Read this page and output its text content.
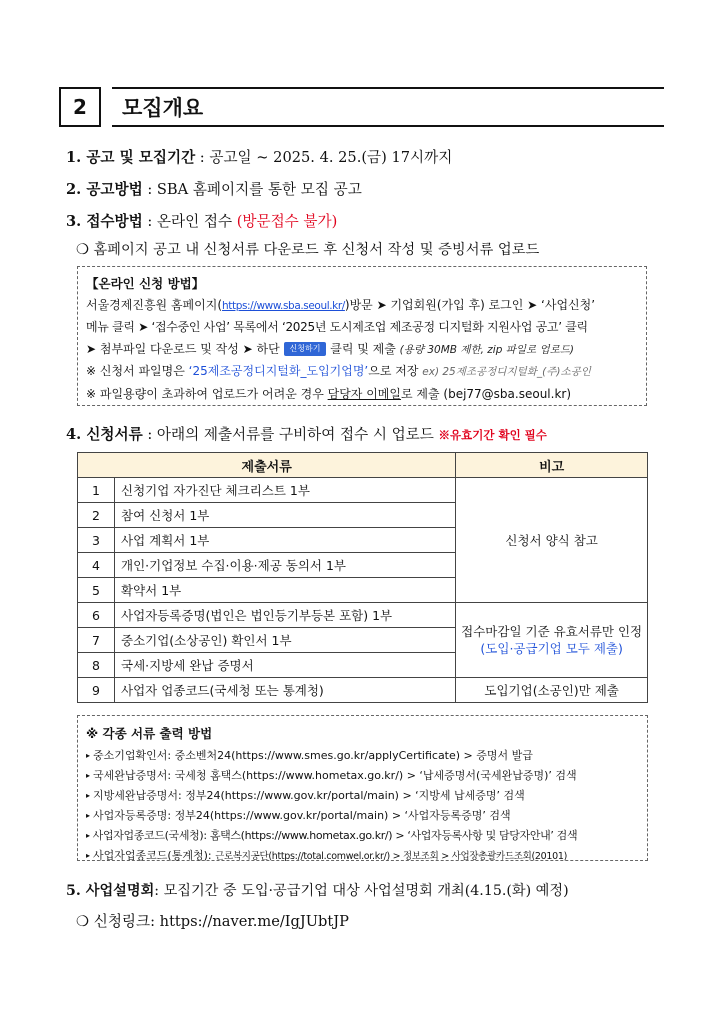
2	모집개요
1. 공고 및 모집기간 : 공고일 ~ 2025. 4. 25.(금) 17시까지
2. 공고방법 : SBA 홈페이지를 통한 모집 공고
3. 접수방법 : 온라인 접수 (방문접수 불가)
❍ 홈페이지 공고 내 신청서류 다운로드 후 신청서 작성 및 증빙서류 업로드
【온라인 신청 방법】
서울경제진흥원 홈페이지(https://www.sba.seoul.kr/)방문 ➤ 기업회원(가입 후) 로그인 ➤ ‘사업신청’
메뉴 클릭 ➤ ‘접수중인 사업’ 목록에서 ‘2025년 도시제조업 제조공정 디지털화 지원사업 공고’ 클릭
➤ 첨부파일 다운로드 및 작성 ➤ 하단 신청하기 클릭 및 제출 (용량 30MB 제한, zip 파일로 업로드)
※ 신청서 파일명은 ‘25제조공정디지털화_도입기업명’으로 저장 ex) 25제조공정디지털화_(주)소공인
※ 파일용량이 초과하여 업로드가 어려운 경우 담당자 이메일로 제출 (bej77@sba.seoul.kr)
4. 신청서류 : 아래의 제출서류를 구비하여 접수 시 업로드 ※유효기간 확인 필수
제출서류		비고
1	신청기업 자가진단 체크리스트 1부	신청서 양식 참고
2	참여 신청서 1부	
3	사업 계획서 1부	
4	개인·기업정보 수집·이용·제공 동의서 1부	
5	확약서 1부	
6	사업자등록증명(법인은 법인등기부등본 포함) 1부	접수마감일 기준 유효서류만 인정
(도입·공급기업 모두 제출)

7	중소기업(소상공인) 확인서 1부	
8	국세·지방세 완납 증명서	
9	사업자 업종코드(국세청 또는 통계청)	도입기업(소공인)만 제출
※ 각종 서류 출력 방법
▸ 중소기업확인서: 중소벤처24(https://www.smes.go.kr/applyCertificate) > 증명서 발급
▸ 국세완납증명서: 국세청 홈택스(https://www.hometax.go.kr/) > ‘납세증명서(국세완납증명)’ 검색
▸ 지방세완납증명서: 정부24(https://www.gov.kr/portal/main) > ‘지방세 납세증명’ 검색
▸ 사업자등록증명: 정부24(https://www.gov.kr/portal/main) > ‘사업자등록증명’ 검색
▸ 사업자업종코드(국세청): 홈택스(https://www.hometax.go.kr/) > ‘사업자등록사항 및 담당자안내’ 검색
▸ 사업자업종코드(통계청): 근로복지공단(https://total.comwel.or.kr/) > 정보조회 > 사업장총괄카드조회(20101)
5. 사업설명회: 모집기간 중 도입·공급기업 대상 사업설명회 개최(4.15.(화) 예정)
❍ 신청링크: https://naver.me/IgJUbtJP
